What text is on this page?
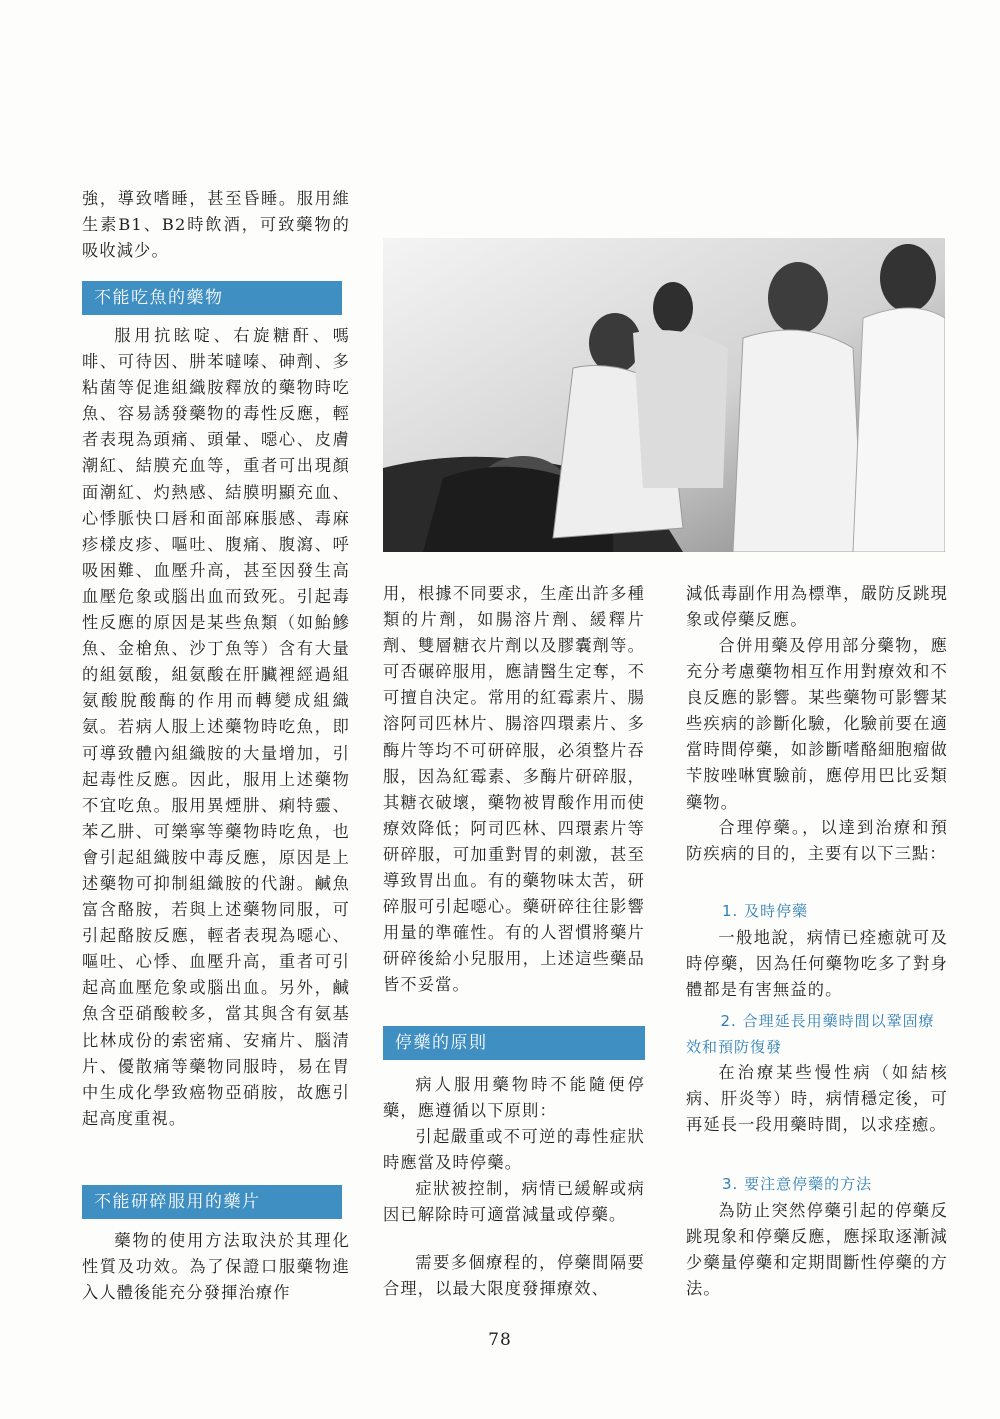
強，導致嗜睡，甚至昏睡。服用維生素B1、B2時飲酒，可致藥物的吸收減少。

不能吃魚的藥物

服用抗眩啶、右旋糖酐、嗎啡、可待因、肼苯噠嗪、砷劑、多粘菌等促進組織胺釋放的藥物時吃魚、容易誘發藥物的毒性反應，輕者表現為頭痛、頭暈、噁心、皮膚潮紅、結膜充血等，重者可出現顏面潮紅、灼熱感、結膜明顯充血、心悸脈快口唇和面部麻脹感、毒麻疹樣皮疹、嘔吐、腹痛、腹瀉、呼吸困難、血壓升高，甚至因發生高血壓危象或腦出血而致死。引起毒性反應的原因是某些魚類（如鮐鰺魚、金槍魚、沙丁魚等）含有大量的組氨酸，組氨酸在肝臟裡經過組氨酸脫酸酶的作用而轉變成組織氨。若病人服上述藥物時吃魚，即可導致體內組織胺的大量增加，引起毒性反應。因此，服用上述藥物不宜吃魚。服用異煙肼、痢特靈、苯乙肼、可樂寧等藥物時吃魚，也會引起組織胺中毒反應，原因是上述藥物可抑制組織胺的代謝。鹹魚富含酪胺，若與上述藥物同服，可引起酪胺反應，輕者表現為噁心、嘔吐、心悸、血壓升高，重者可引起高血壓危象或腦出血。另外，鹹魚含亞硝酸較多，當其與含有氨基比林成份的索密痛、安痛片、腦清片、優散痛等藥物同服時，易在胃中生成化學致癌物亞硝胺，故應引起高度重視。

不能研碎服用的藥片

藥物的使用方法取決於其理化性質及功效。為了保證口服藥物進入人體後能充分發揮治療作

用，根據不同要求，生產出許多種類的片劑，如腸溶片劑、緩釋片劑、雙層糖衣片劑以及膠囊劑等。可否碾碎服用，應請醫生定奪，不可擅自決定。常用的紅霉素片、腸溶阿司匹林片、腸溶四環素片、多酶片等均不可研碎服，必須整片吞服，因為紅霉素、多酶片研碎服，其糖衣破壞，藥物被胃酸作用而使療效降低；阿司匹林、四環素片等研碎服，可加重對胃的刺激，甚至導致胃出血。有的藥物味太苦，研碎服可引起噁心。藥研碎往往影響用量的準確性。有的人習慣將藥片研碎後給小兒服用，上述這些藥品皆不妥當。

停藥的原則

病人服用藥物時不能隨便停藥，應遵循以下原則：

引起嚴重或不可逆的毒性症狀時應當及時停藥。

症狀被控制，病情已緩解或病因已解除時可適當減量或停藥。

需要多個療程的，停藥間隔要合理，以最大限度發揮療效、

減低毒副作用為標準，嚴防反跳現象或停藥反應。

合併用藥及停用部分藥物，應充分考慮藥物相互作用對療效和不良反應的影響。某些藥物可影響某些疾病的診斷化驗，化驗前要在適當時間停藥，如診斷嗜酪細胞瘤做苄胺唑啉實驗前，應停用巴比妥類藥物。

合理停藥。，以達到治療和預防疾病的目的，主要有以下三點：

1. 及時停藥

一般地說，病情已痊癒就可及時停藥，因為任何藥物吃多了對身體都是有害無益的。

2. 合理延長用藥時間以鞏固療效和預防復發

在治療某些慢性病（如結核病、肝炎等）時，病情穩定後，可再延長一段用藥時間，以求痊癒。

3. 要注意停藥的方法

為防止突然停藥引起的停藥反跳現象和停藥反應，應採取逐漸減少藥量停藥和定期間斷性停藥的方法。

78
